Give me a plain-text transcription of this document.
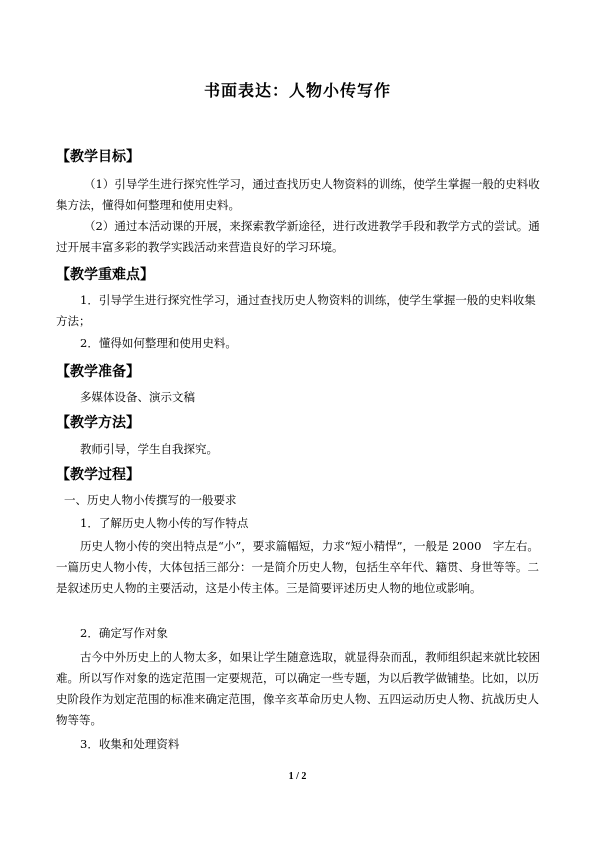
书面表达：人物小传写作
【教学目标】
（1）引导学生进行探究性学习，通过查找历史人物资料的训练，使学生掌握一般的史料收集方法，懂得如何整理和使用史料。
（2）通过本活动课的开展，来探索教学新途径，进行改进教学手段和教学方式的尝试。通过开展丰富多彩的教学实践活动来营造良好的学习环境。
【教学重难点】
1．引导学生进行探究性学习，通过查找历史人物资料的训练，使学生掌握一般的史料收集方法；
2．懂得如何整理和使用史料。
【教学准备】
多媒体设备、演示文稿
【教学方法】
教师引导，学生自我探究。
【教学过程】
一、历史人物小传撰写的一般要求
1．了解历史人物小传的写作特点
历史人物小传的突出特点是“小”，要求篇幅短，力求“短小精悍”，一般是 2000　字左右。一篇历史人物小传，大体包括三部分：一是简介历史人物，包括生卒年代、籍贯、身世等等。二是叙述历史人物的主要活动，这是小传主体。三是简要评述历史人物的地位或影响。
2．确定写作对象
古今中外历史上的人物太多，如果让学生随意选取，就显得杂而乱，教师组织起来就比较困难。所以写作对象的选定范围一定要规范，可以确定一些专题，为以后教学做铺垫。比如，以历史阶段作为划定范围的标准来确定范围，像辛亥革命历史人物、五四运动历史人物、抗战历史人物等等。
3．收集和处理资料
1 / 2
